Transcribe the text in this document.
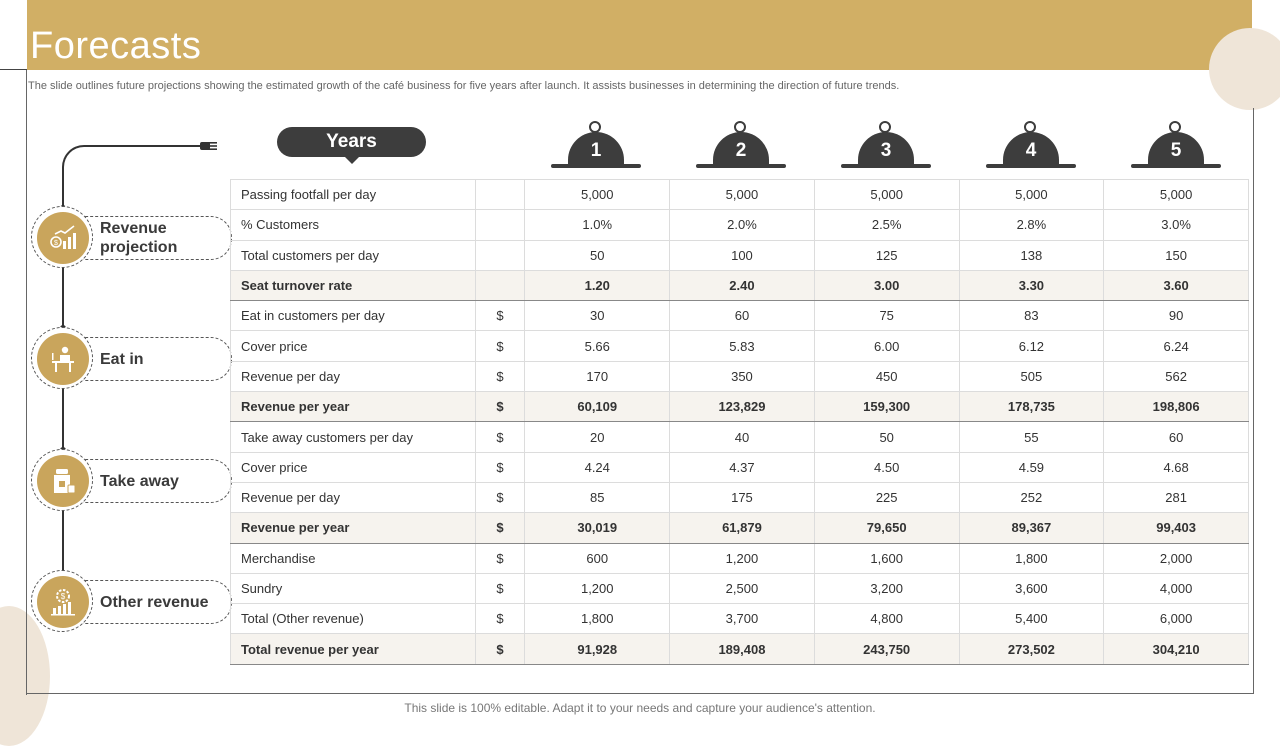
Forecasts
The slide outlines future projections showing the estimated growth of the café business for five years after launch. It assists businesses in determining the direction of future trends.
Years	1	2	3	4	5
$
Revenue projection
Eat in
Take away
$ Other revenue
Passing footfall per day		5,000	5,000	5,000	5,000	5,000
% Customers		1.0%	2.0%	2.5%	2.8%	3.0%
Total customers per day		50	100	125	138	150
Seat turnover rate		1.20	2.40	3.00	3.30	3.60
Eat in customers per day	$	30	60	75	83	90
Cover price	$	5.66	5.83	6.00	6.12	6.24
Revenue per day	$	170	350	450	505	562
Revenue per year	$	60,109	123,829	159,300	178,735	198,806
Take away customers per day	$	20	40	50	55	60
Cover price	$	4.24	4.37	4.50	4.59	4.68
Revenue per day	$	85	175	225	252	281
Revenue per year	$	30,019	61,879	79,650	89,367	99,403
Merchandise	$	600	1,200	1,600	1,800	2,000
Sundry	$	1,200	2,500	3,200	3,600	4,000
Total (Other revenue)	$	1,800	3,700	4,800	5,400	6,000
Total revenue per year	$	91,928	189,408	243,750	273,502	304,210
This slide is 100% editable. Adapt it to your needs and capture your audience's attention.
